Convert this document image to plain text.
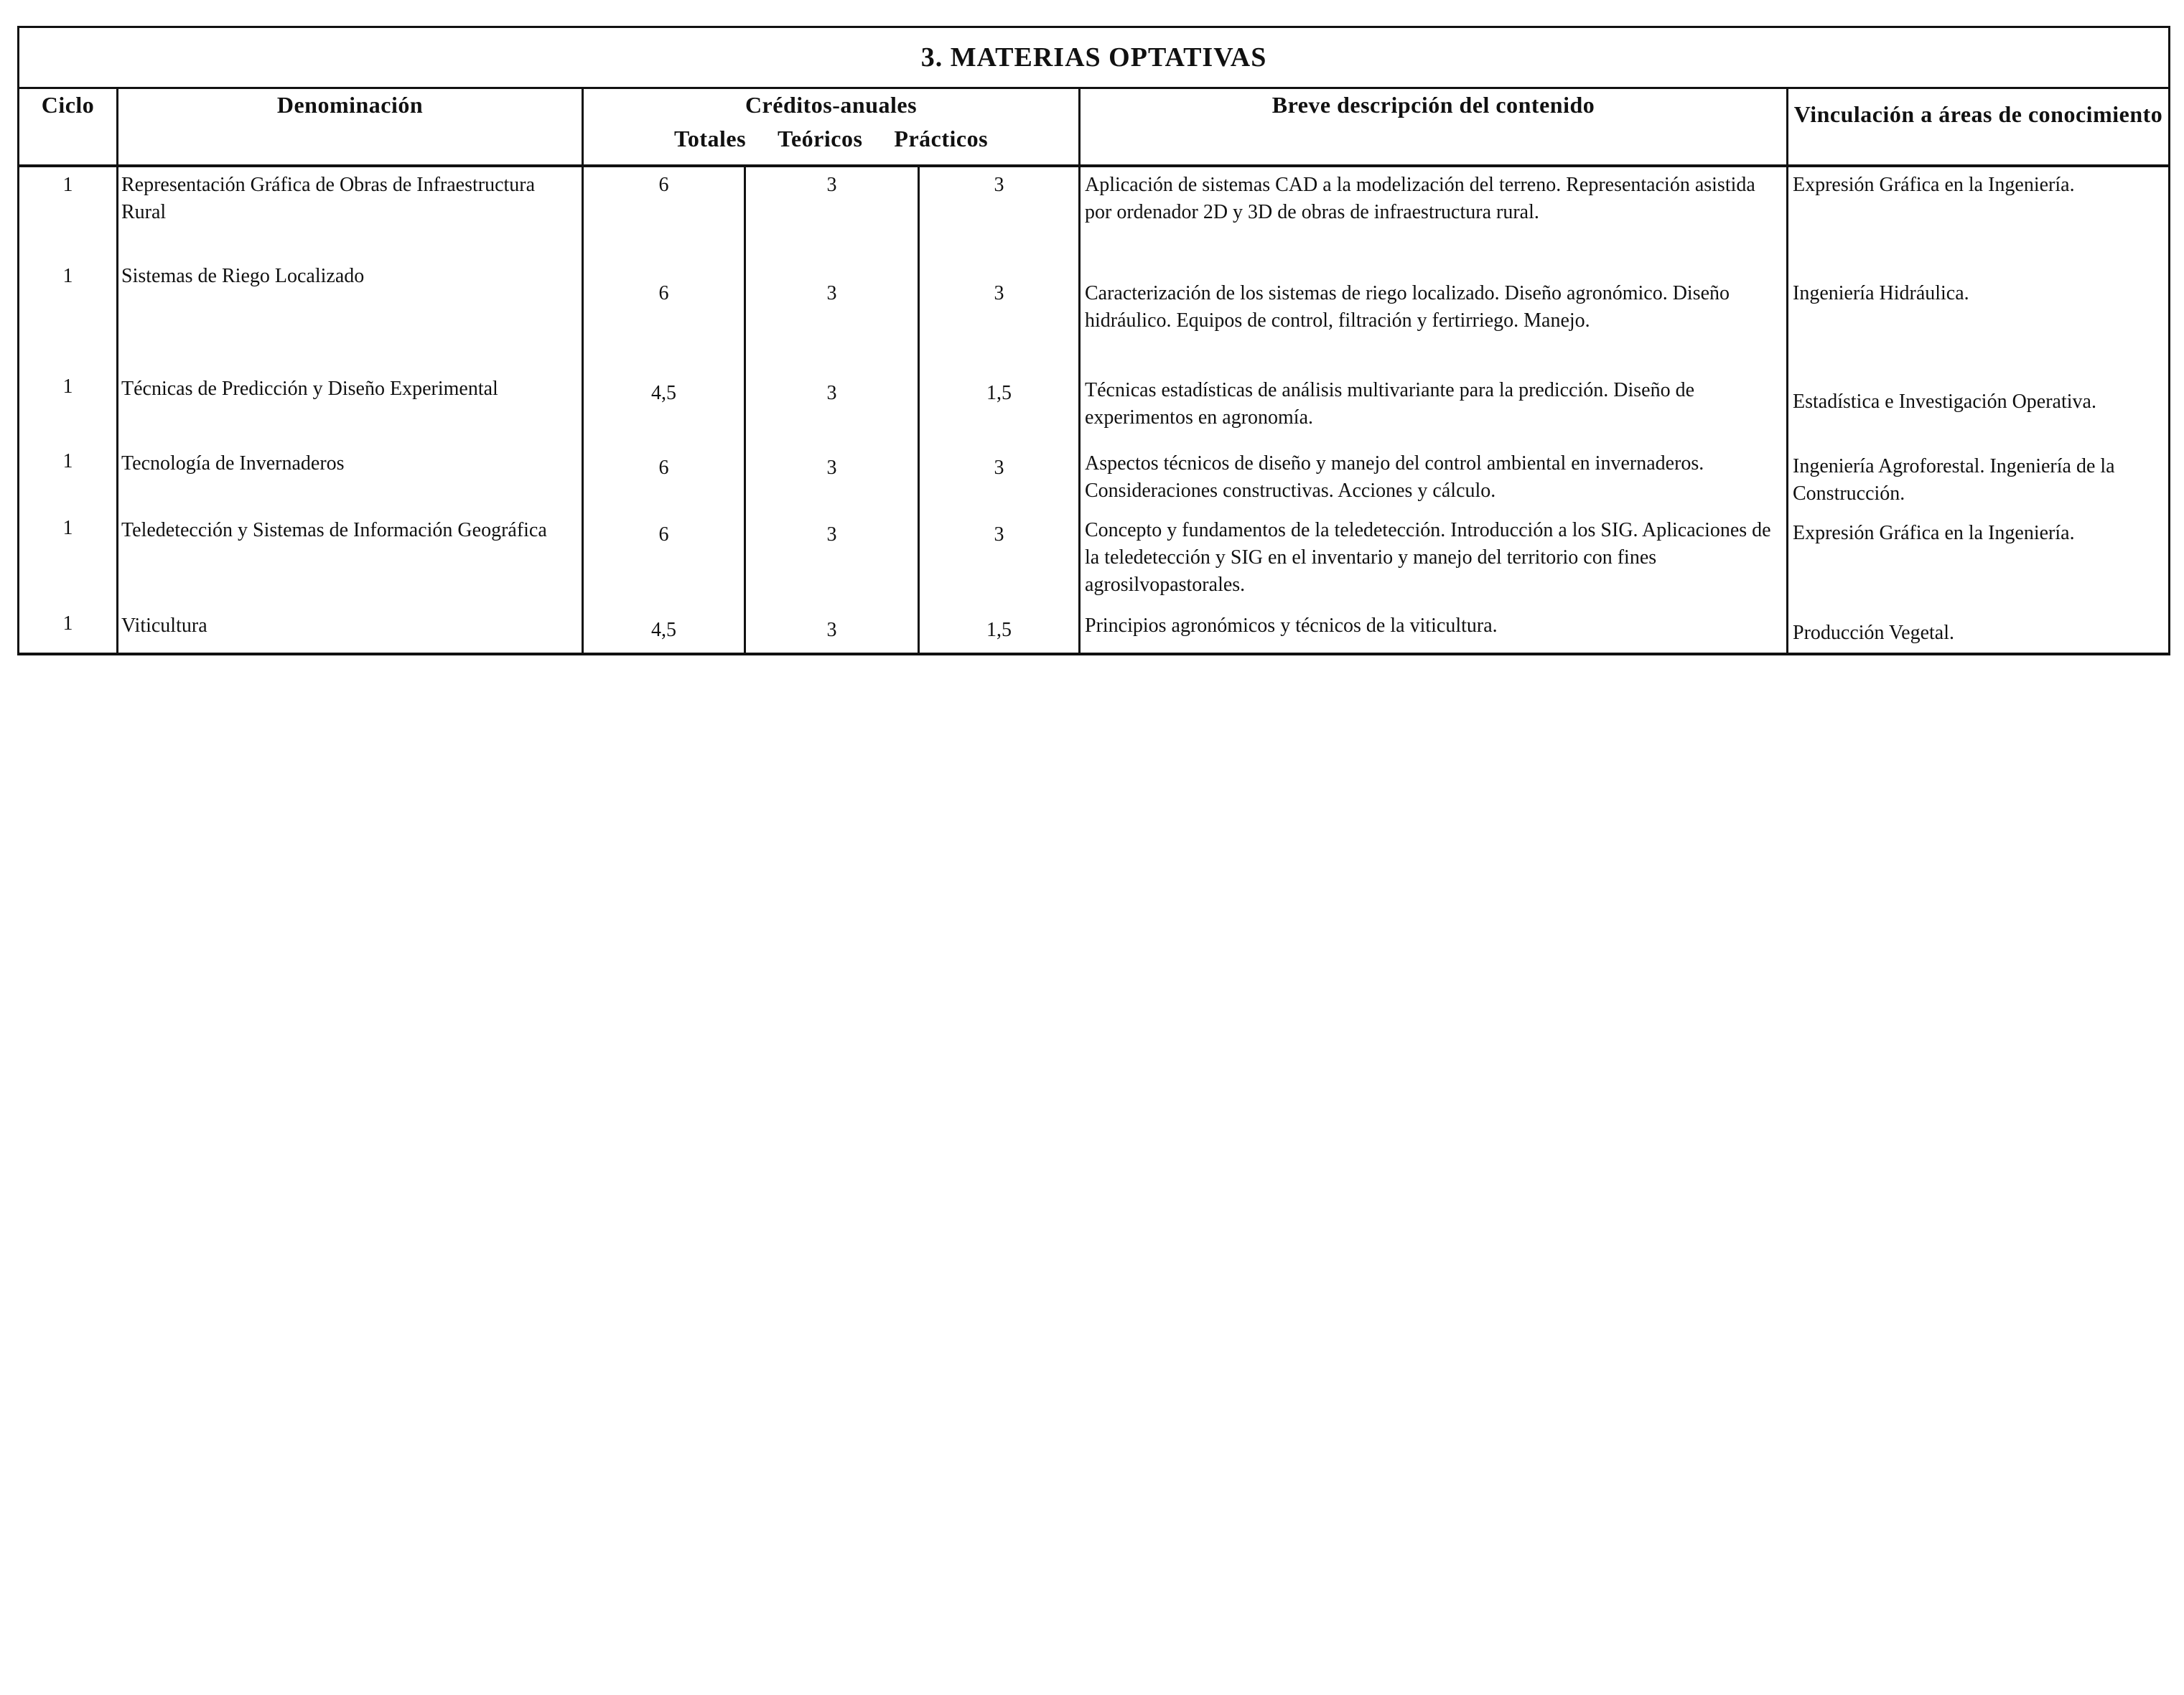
3. MATERIAS OPTATIVAS						
Ciclo	Denominación	Créditos-anuales
Totales Teóricos Prácticos			Breve descripción del contenido	Vinculación a áreas de conocimiento

1	Representación Gráfica de Obras de Infraestructura Rural	6	3	3	Aplicación de sistemas CAD a la modelización del terreno. Representación asistida por ordenador 2D y 3D de obras de infraestructura rural.	Expresión Gráfica en la Ingeniería.
1	Sistemas de Riego Localizado	6	3	3	Caracterización de los sistemas de riego localizado. Diseño agronómico. Diseño hidráulico. Equipos de control, filtración y fertirriego. Manejo.	Ingeniería Hidráulica.
1	Técnicas de Predicción y Diseño Experimental	4,5	3	1,5	Técnicas estadísticas de análisis multivariante para la predicción. Diseño de experimentos en agronomía.	Estadística e Investigación Operativa.
1	Tecnología de Invernaderos	6	3	3	Aspectos técnicos de diseño y manejo del control ambiental en invernaderos. Consideraciones constructivas. Acciones y cálculo.	Ingeniería Agroforestal. Ingeniería de la Construcción.
1	Teledetección y Sistemas de Información Geográfica	6	3	3	Concepto y fundamentos de la teledetección. Introducción a los SIG. Aplicaciones de la teledetección y SIG en el inventario y manejo del territorio con fines agrosilvopastorales.	Expresión Gráfica en la Ingeniería.
1	Viticultura	4,5	3	1,5	Principios agronómicos y técnicos de la viticultura.	Producción Vegetal.
